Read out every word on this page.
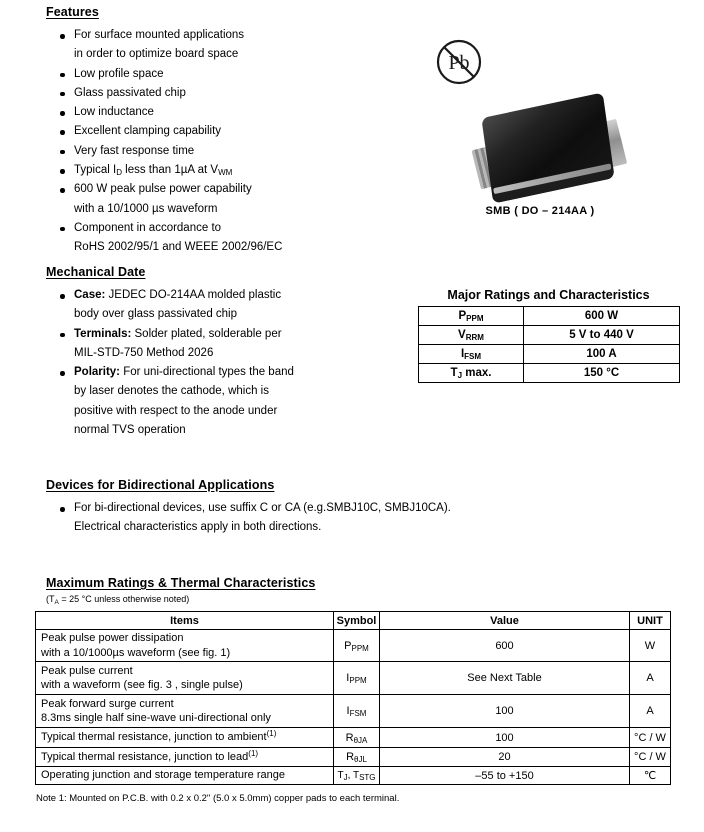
Features
For surface mounted applications
in order to optimize board space
Low profile space
Glass passivated chip
Low inductance
Excellent clamping capability
Very fast response time
Typical $I_D$ less than 1µA at $V_{WM}$
600 W peak pulse power capability
with a 10/1000 µs waveform
Component in accordance to
RoHS 2002/95/1 and WEEE 2002/96/EC
Pb
SMB ( DO – 214AA )
Mechanical Date
Case: JEDEC DO-214AA molded plastic
body over glass passivated chip
Terminals: Solder plated, solderable per
MIL-STD-750 Method 2026
Polarity: For uni-directional types the band
by laser denotes the cathode, which is
positive with respect to the anode under
normal TVS operation
Major Ratings and Characteristics
$P_{PPM}$	600 W
$V_{RRM}$	5 V to 440 V
$I_{FSM}$	100 A
$T_J$ max.	150 °C
Devices for Bidirectional Applications
For bi-directional devices, use suffix C or CA (e.g.SMBJ10C, SMBJ10CA).
Electrical characteristics apply in both directions.
Maximum Ratings & Thermal Characteristics
($T_A = 25$ °C unless otherwise noted)
Items	Symbol	Value	UNIT

Peak pulse power dissipation
with a 10/1000µs waveform (see fig. 1)	$P_{PPM}$	600	W

Peak pulse current
with a waveform (see fig. 3 , single pulse)	$I_{PPM}$	See Next Table	A

Peak forward surge current
8.3ms single half sine-wave uni-directional only	$I_{FSM}$	100	A
Typical thermal resistance, junction to ambient$^{(1)}$	$R_{\theta JA}$	100	°C / W
Typical thermal resistance, junction to lead$^{(1)}$	$R_{\theta JL}$	20	°C / W
Operating junction and storage temperature range	$T_J$, $T_{STG}$	–55 to +150	℃
Note 1: Mounted on P.C.B. with 0.2 x 0.2" (5.0 x 5.0mm) copper pads to each terminal.
